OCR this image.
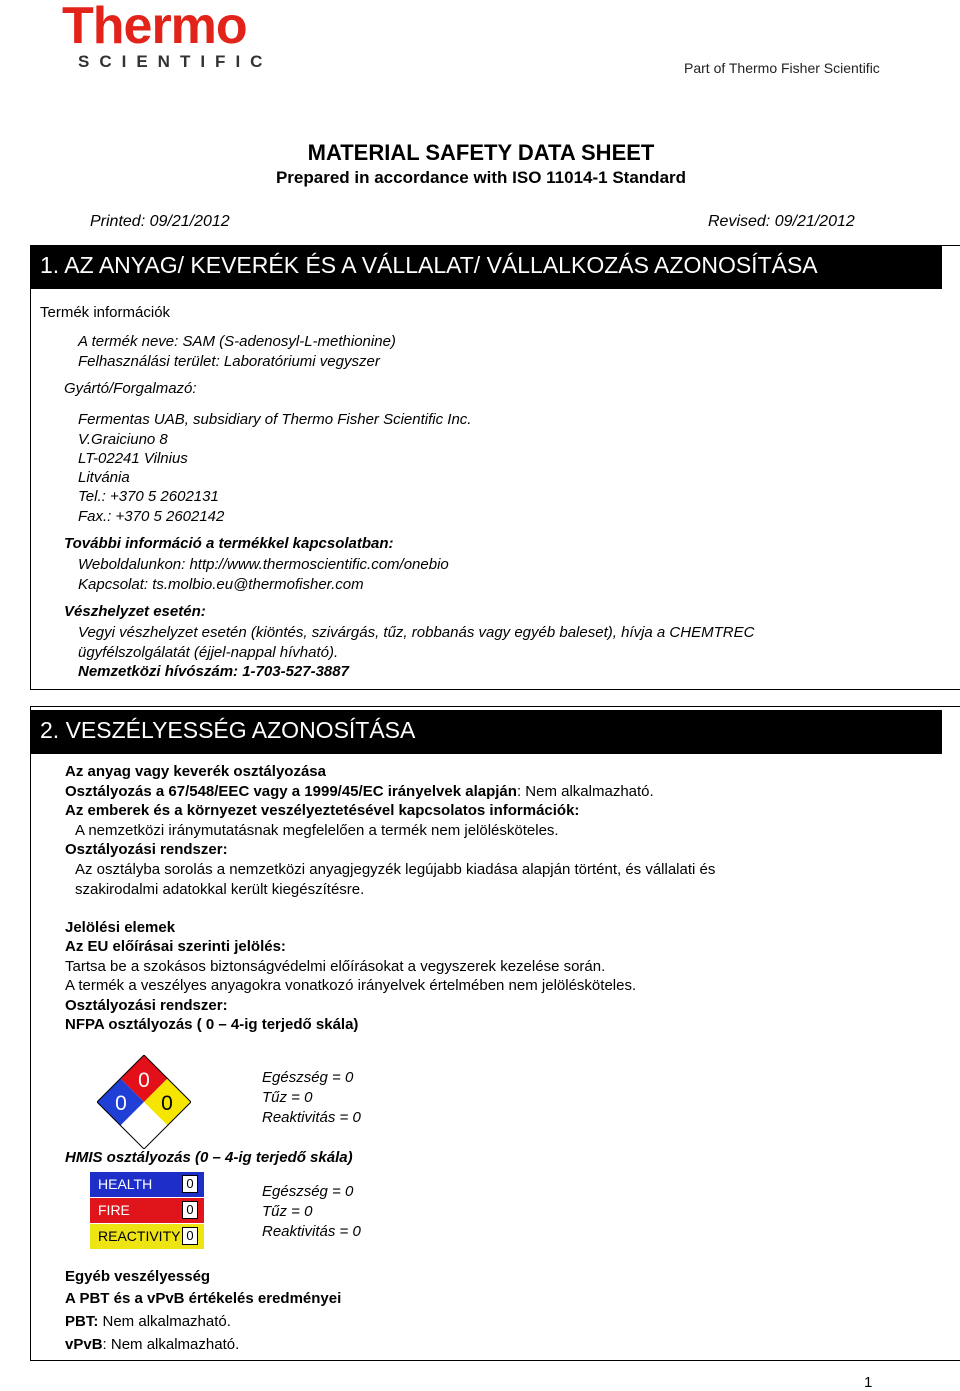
Thermo
SCIENTIFIC	Part of Thermo Fisher Scientific
MATERIAL SAFETY DATA SHEET
Prepared in accordance with ISO 11014-1 Standard
Printed: 09/21/2012	Revised: 09/21/2012
1. AZ ANYAG/ KEVERÉK ÉS A VÁLLALAT/ VÁLLALKOZÁS AZONOSÍTÁSA
Termék információk
A termék neve: SAM (S-adenosyl-L-methionine)
Felhasználási terület: Laboratóriumi vegyszer
Gyártó/Forgalmazó:
Fermentas UAB, subsidiary of Thermo Fisher Scientific Inc.
V.Graiciuno 8
LT-02241 Vilnius
Litvánia
Tel.: +370 5 2602131
Fax.: +370 5 2602142
További információ a termékkel kapcsolatban:
Weboldalunkon: http://www.thermoscientific.com/onebio
Kapcsolat: ts.molbio.eu@thermofisher.com
Vészhelyzet esetén:
Vegyi vészhelyzet esetén (kiöntés, szivárgás, tűz, robbanás vagy egyéb baleset), hívja a CHEMTREC
ügyfélszolgálatát (éjjel-nappal hívható).
Nemzetközi hívószám: 1-703-527-3887
2. VESZÉLYESSÉG AZONOSÍTÁSA
Az anyag vagy keverék osztályozása
Osztályozás a 67/548/EEC vagy a 1999/45/EC irányelvek alapján: Nem alkalmazható.
Az emberek és a környezet veszélyeztetésével kapcsolatos információk:
A nemzetközi iránymutatásnak megfelelően a termék nem jelölésköteles.
Osztályozási rendszer:
Az osztályba sorolás a nemzetközi anyagjegyzék legújabb kiadása alapján történt, és vállalati és
szakirodalmi adatokkal került kiegészítésre.
Jelölési elemek
Az EU előírásai szerinti jelölés:
Tartsa be a szokásos biztonságvédelmi előírásokat a vegyszerek kezelése során.
A termék a veszélyes anyagokra vonatkozó irányelvek értelmében nem jelölésköteles.
Osztályozási rendszer:
NFPA osztályozás ( 0 – 4-ig terjedő skála)
0
0 0
Egészség = 0
Tűz = 0
Reaktivitás = 0
HMIS osztályozás (0 – 4-ig terjedő skála)
HEALTH	0
FIRE	0
REACTIVITY 0
Egészség = 0
Tűz = 0
Reaktivitás = 0
Egyéb veszélyesség
A PBT és a vPvB értékelés eredményei
PBT: Nem alkalmazható.
vPvB: Nem alkalmazható.
1
